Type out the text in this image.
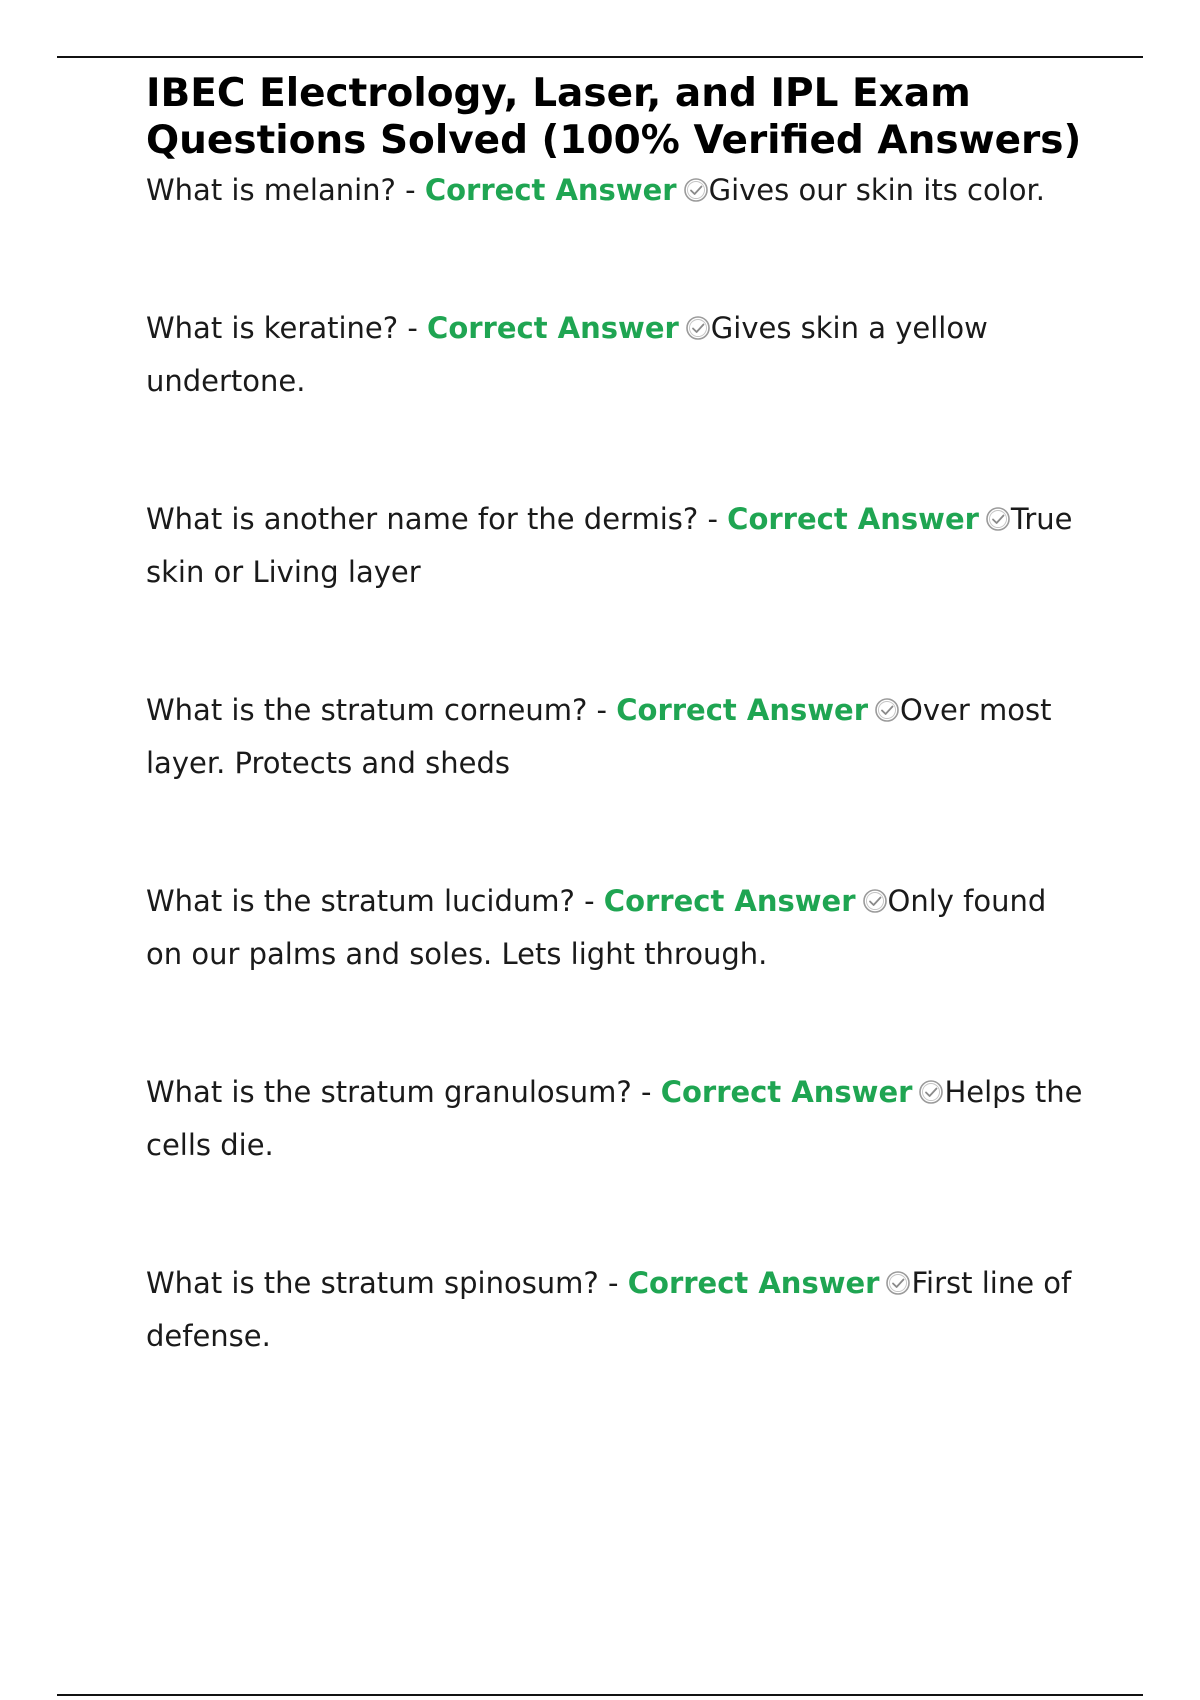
IBEC Electrology, Laser, and IPL Exam Questions Solved (100% Verified Answers)
What is melanin? - Correct Answer Gives our skin its color.
What is keratine? - Correct Answer Gives skin a yellow undertone.
What is another name for the dermis? - Correct Answer True skin or Living layer
What is the stratum corneum? - Correct Answer Over most layer. Protects and sheds
What is the stratum lucidum? - Correct Answer Only found on our palms and soles. Lets light through.
What is the stratum granulosum? - Correct Answer Helps the cells die.
What is the stratum spinosum? - Correct Answer First line of defense.
